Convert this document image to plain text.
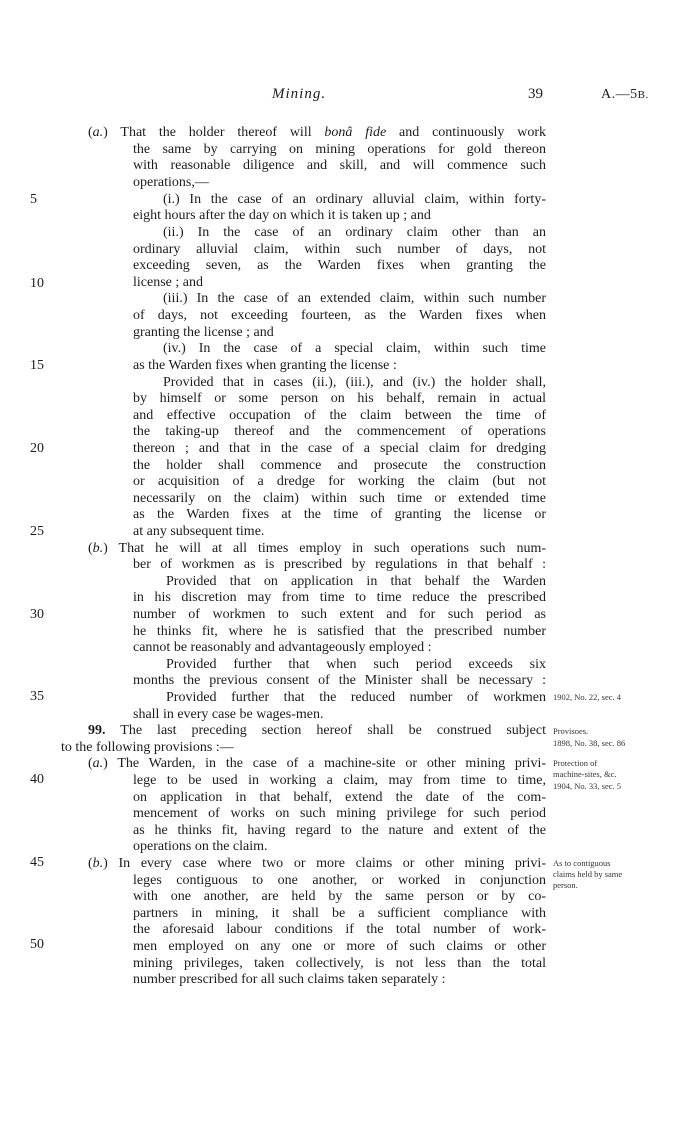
Mining.	39	A.—5B.
5
10
15
20
25
30
35
40
45
50
(a.) That the holder thereof will bonâ fide and continuously work
the same by carrying on mining operations for gold thereon
with reasonable diligence and skill, and will commence such
operations,—
(i.) In the case of an ordinary alluvial claim, within forty-
eight hours after the day on which it is taken up ; and
(ii.) In the case of an ordinary claim other than an
ordinary alluvial claim, within such number of days, not
exceeding seven, as the Warden fixes when granting the
license ; and
(iii.) In the case of an extended claim, within such number
of days, not exceeding fourteen, as the Warden fixes when
granting the license ; and
(iv.) In the case of a special claim, within such time
as the Warden fixes when granting the license :
Provided that in cases (ii.), (iii.), and (iv.) the holder shall,
by himself or some person on his behalf, remain in actual
and effective occupation of the claim between the time of
the taking-up thereof and the commencement of operations
thereon ; and that in the case of a special claim for dredging
the holder shall commence and prosecute the construction
or acquisition of a dredge for working the claim (but not
necessarily on the claim) within such time or extended time
as the Warden fixes at the time of granting the license or
at any subsequent time.
(b.) That he will at all times employ in such operations such num-
ber of workmen as is prescribed by regulations in that behalf :
Provided that on application in that behalf the Warden
in his discretion may from time to time reduce the prescribed
number of workmen to such extent and for such period as
he thinks fit, where he is satisfied that the prescribed number
cannot be reasonably and advantageously employed :
Provided further that when such period exceeds six
months the previous consent of the Minister shall be necessary :
Provided further that the reduced number of workmen
shall in every case be wages-men.
99. The last preceding section hereof shall be construed subject
to the following provisions :—
(a.) The Warden, in the case of a machine-site or other mining privi-
lege to be used in working a claim, may from time to time,
on application in that behalf, extend the date of the com-
mencement of works on such mining privilege for such period
as he thinks fit, having regard to the nature and extent of the
operations on the claim.
(b.) In every case where two or more claims or other mining privi-
leges contiguous to one another, or worked in conjunction
with one another, are held by the same person or by co-
partners in mining, it shall be a sufficient compliance with
the aforesaid labour conditions if the total number of work-
men employed on any one or more of such claims or other
mining privileges, taken collectively, is not less than the total
number prescribed for all such claims taken separately :
1902, No. 22, sec. 4
Provisoes.
1898, No. 38, sec. 86
Protection of
machine-sites, &c.
1904, No. 33, sec. 5
As to contiguous
claims held by same
person.
